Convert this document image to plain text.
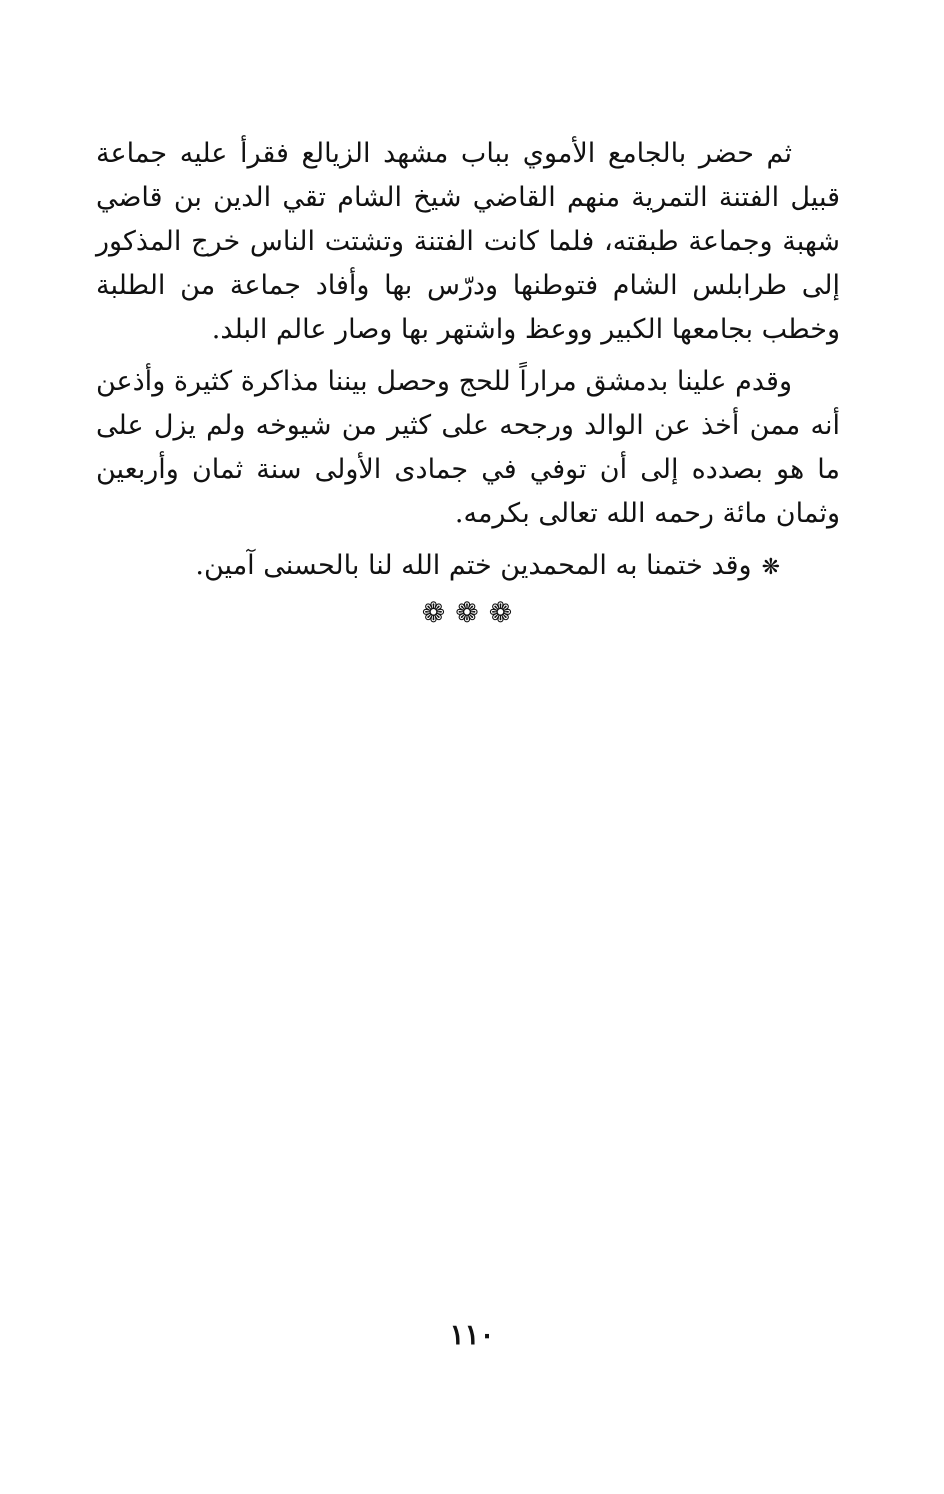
ثم حضر بالجامع الأموي بباب مشهد الزيالع فقرأ عليه جماعة قبيل الفتنة التمرية منهم القاضي شيخ الشام تقي الدين بن قاضي شهبة وجماعة طبقته، فلما كانت الفتنة وتشتت الناس خرج المذكور إلى طرابلس الشام فتوطنها ودرّس بها وأفاد جماعة من الطلبة وخطب بجامعها الكبير ووعظ واشتهر بها وصار عالم البلد.

وقدم علينا بدمشق مراراً للحج وحصل بيننا مذاكرة كثيرة وأذعن أنه ممن أخذ عن الوالد ورجحه على كثير من شيوخه ولم يزل على ما هو بصدده إلى أن توفي في جمادى الأولى سنة ثمان وأربعين وثمان مائة رحمه الله تعالى بكرمه.

❋وقد ختمنا به المحمدين ختم الله لنا بالحسنى آمين.

❁❁❁
١١٠
